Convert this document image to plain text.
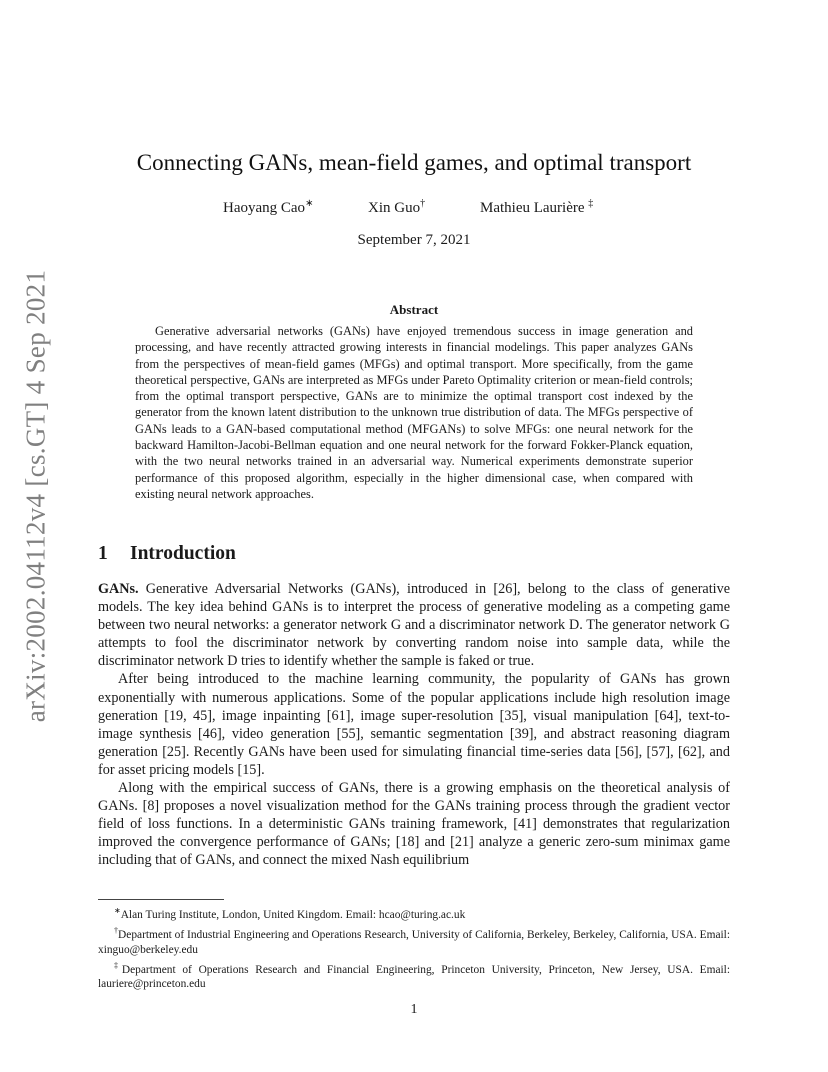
arXiv:2002.04112v4 [cs.GT] 4 Sep 2021
Connecting GANs, mean-field games, and optimal transport
Haoyang Cao∗	Xin Guo†	Mathieu Laurière ‡
September 7, 2021
Abstract

Generative adversarial networks (GANs) have enjoyed tremendous success in image generation and processing, and have recently attracted growing interests in financial modelings. This paper analyzes GANs from the perspectives of mean-field games (MFGs) and optimal transport. More specifically, from the game theoretical perspective, GANs are interpreted as MFGs under Pareto Optimality criterion or mean-field controls; from the optimal transport perspective, GANs are to minimize the optimal transport cost indexed by the generator from the known latent distribution to the unknown true distribution of data. The MFGs perspective of GANs leads to a GAN-based computational method (MFGANs) to solve MFGs: one neural network for the backward Hamilton-Jacobi-Bellman equation and one neural network for the forward Fokker-Planck equation, with the two neural networks trained in an adversarial way. Numerical experiments demonstrate superior performance of this proposed algorithm, especially in the higher dimensional case, when compared with existing neural network approaches.

1 Introduction

GANs.  Generative Adversarial Networks (GANs), introduced in [26], belong to the class of generative models. The key idea behind GANs is to interpret the process of generative modeling as a competing game between two neural networks: a generator network G and a discriminator network D. The generator network G attempts to fool the discriminator network by converting random noise into sample data, while the discriminator network D tries to identify whether the sample is faked or true.

After being introduced to the machine learning community, the popularity of GANs has grown exponentially with numerous applications. Some of the popular applications include high resolution image generation [19, 45], image inpainting [61], image super-resolution [35], visual manipulation [64], text-to-image synthesis [46], video generation [55], semantic segmentation [39], and abstract reasoning diagram generation [25]. Recently GANs have been used for simulating financial time-series data [56], [57], [62], and for asset pricing models [15].

Along with the empirical success of GANs, there is a growing emphasis on the theoretical analysis of GANs. [8] proposes a novel visualization method for the GANs training process through the gradient vector field of loss functions. In a deterministic GANs training framework, [41] demonstrates that regularization improved the convergence performance of GANs; [18] and [21] analyze a generic zero-sum minimax game including that of GANs, and connect the mixed Nash equilibrium

∗Alan Turing Institute, London, United Kingdom. Email: hcao@turing.ac.uk

†Department of Industrial Engineering and Operations Research, University of California, Berkeley, Berkeley, California, USA. Email: xinguo@berkeley.edu

‡Department of Operations Research and Financial Engineering, Princeton University, Princeton, New Jersey, USA. Email: lauriere@princeton.edu

1
